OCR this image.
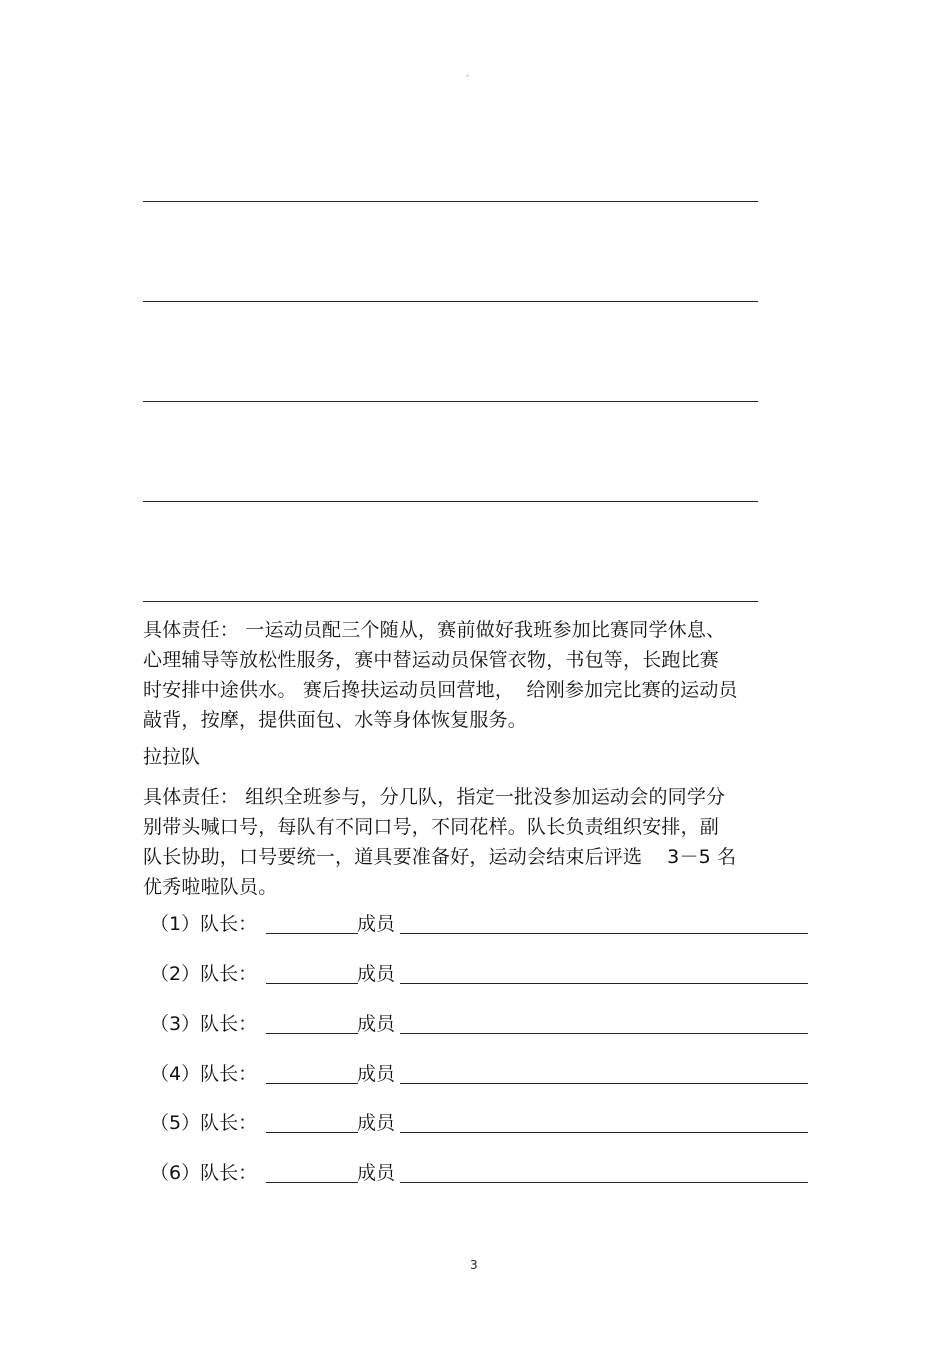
。
具体责任： 一运动员配三个随从，赛前做好我班参加比赛同学休息、
心理辅导等放松性服务，赛中替运动员保管衣物，书包等，长跑比赛
时安排中途供水。 赛后搀扶运动员回营地，  给刚参加完比赛的运动员
敲背，按摩，提供面包、水等身体恢复服务。
拉拉队
具体责任： 组织全班参与，分几队，指定一批没参加运动会的同学分
别带头喊口号，每队有不同口号，不同花样。队长负责组织安排，副
队长协助，口号要统一，道具要准备好，运动会结束后评选    3－5 名
优秀啦啦队员。
（1）队长：	成员
（2）队长：	成员
（3）队长：	成员
（4）队长：	成员
（5）队长：	成员
（6）队长：	成员
3
